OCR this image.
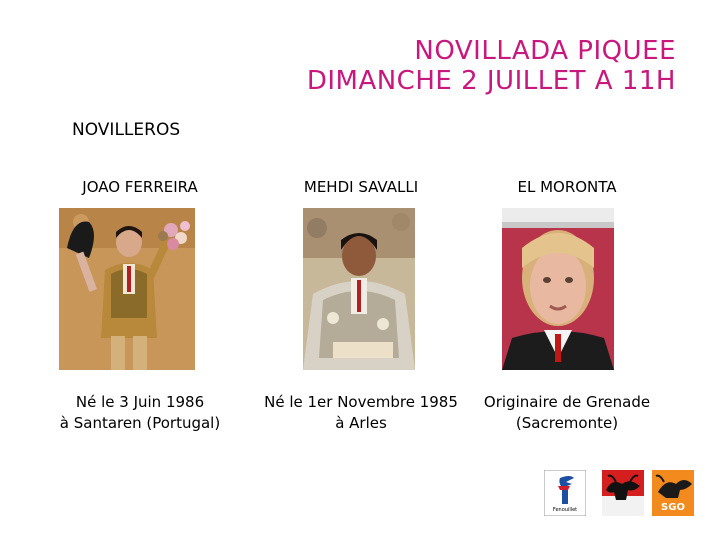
NOVILLADA PIQUEE
DIMANCHE 2 JUILLET A 11H
NOVILLEROS
JOAO FERREIRA
Né le 3 Juin 1986
à Santaren (Portugal)
MEHDI SAVALLI
Né le 1er Novembre 1985
à Arles
EL MORONTA
Originaire de Grenade
(Sacremonte)
Fenouillet	SGO
